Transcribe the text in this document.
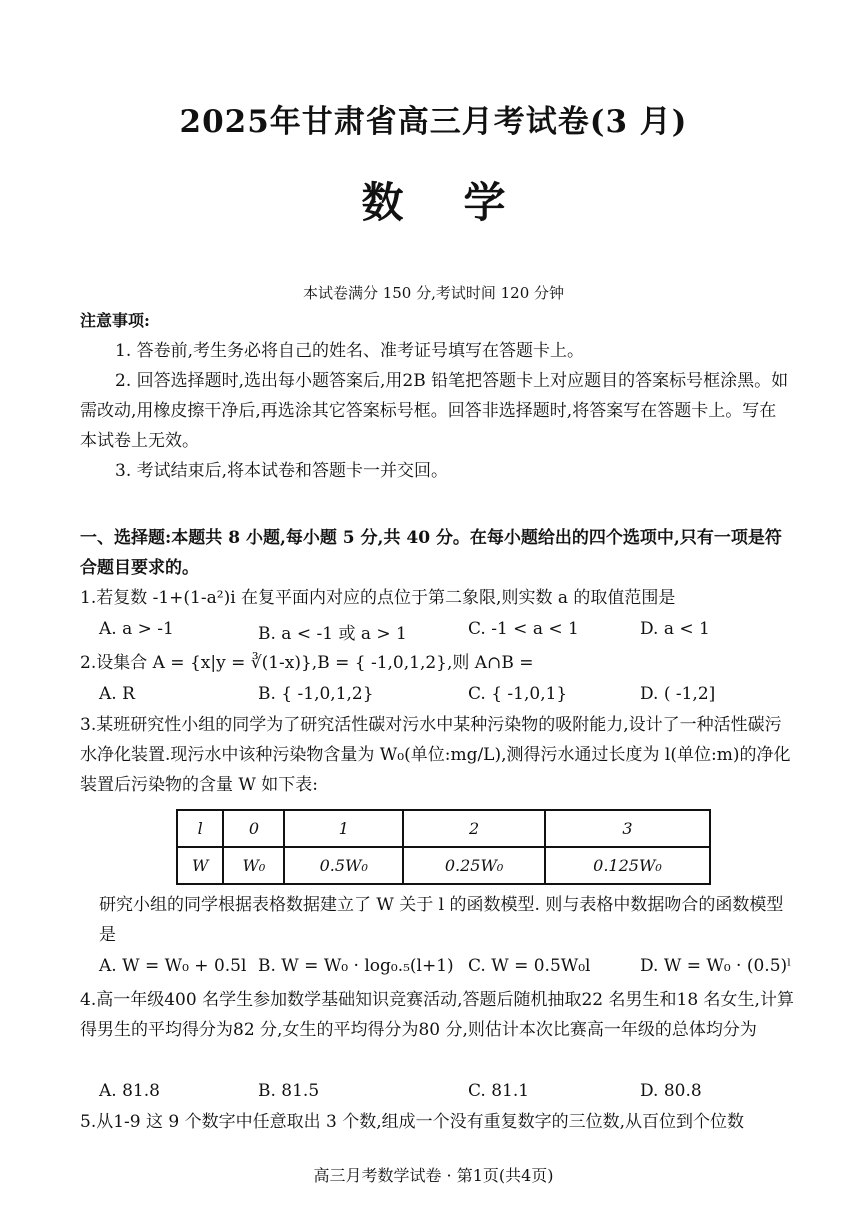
2025年甘肃省高三月考试卷(3 月)
数学
本试卷满分 150 分,考试时间 120 分钟
注意事项:
1. 答卷前,考生务必将自己的姓名、准考证号填写在答题卡上。
2. 回答选择题时,选出每小题答案后,用2B 铅笔把答题卡上对应题目的答案标号框涂黑。如需改动,用橡皮擦干净后,再选涂其它答案标号框。回答非选择题时,将答案写在答题卡上。写在本试卷上无效。
3. 考试结束后,将本试卷和答题卡一并交回。
一、选择题:本题共 8 小题,每小题 5 分,共 40 分。在每小题给出的四个选项中,只有一项是符合题目要求的。
1.若复数 -1+(1-a²)i 在复平面内对应的点位于第二象限,则实数 a 的取值范围是
A. a > -1	B. a < -1 或 a > 1	C. -1 < a < 1	D. a < 1
2.设集合 A = {x|y = ∛(1-x)},B = { -1,0,1,2},则 A∩B =
A. R	B. { -1,0,1,2}	C. { -1,0,1}	D. ( -1,2]
3.某班研究性小组的同学为了研究活性碳对污水中某种污染物的吸附能力,设计了一种活性碳污水净化装置.现污水中该种污染物含量为 W₀(单位:mg/L),测得污水通过长度为 l(单位:m)的净化装置后污染物的含量 W 如下表:
l	0	1	2	3
W	W₀	0.5W₀	0.25W₀	0.125W₀
研究小组的同学根据表格数据建立了 W 关于 l 的函数模型. 则与表格中数据吻合的函数模型是
A. W = W₀ + 0.5l B. W = W₀ · log₀.₅(l+1) C. W = 0.5W₀l	D. W = W₀ · (0.5)ˡ
4.高一年级400 名学生参加数学基础知识竞赛活动,答题后随机抽取22 名男生和18 名女生,计算得男生的平均得分为82 分,女生的平均得分为80 分,则估计本次比赛高一年级的总体均分为
A. 81.8	B. 81.5	C. 81.1	D. 80.8
5.从1-9 这 9 个数字中任意取出 3 个数,组成一个没有重复数字的三位数,从百位到个位数
高三月考数学试卷 · 第1页(共4页)
